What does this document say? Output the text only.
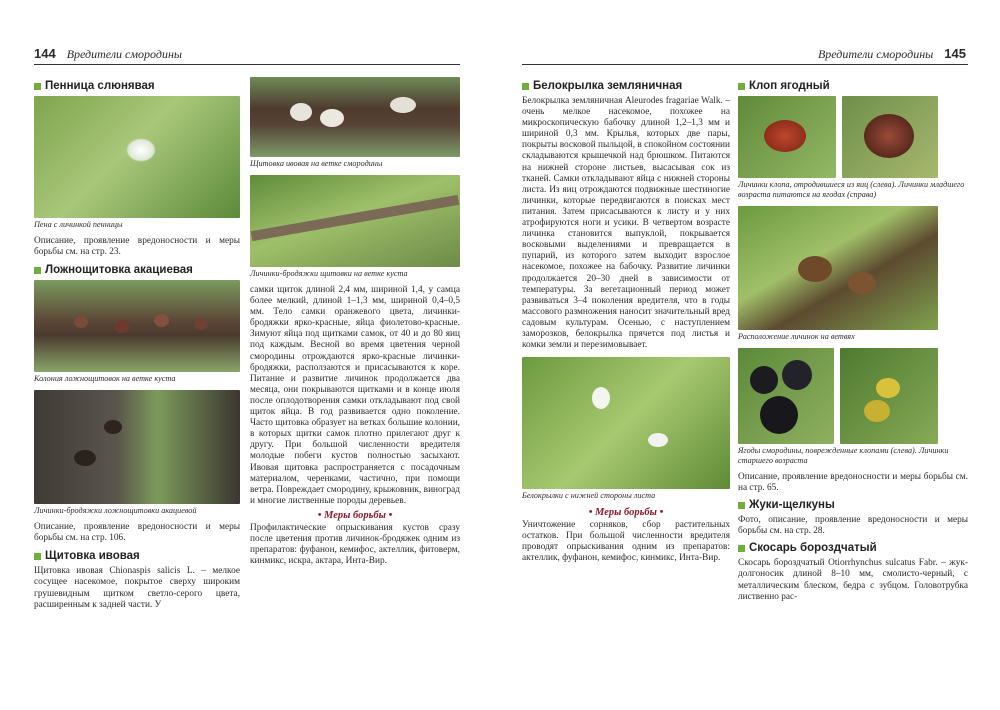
144 Вредители смородины
Пенница слюнявая

Пена с личинкой пенницы

Описание, проявление вредоносности и меры борьбы см. на стр. 23.

Ложнощитовка акациевая

Колония ложнощитовок на ветке куста

Личинки-бродяжки ложнощитовки акациевой

Описание, проявление вредоносности и меры борьбы см. на стр. 106.

Щитовка ивовая

Щитовка ивовая Chionaspis salicis L. – мелкое сосущее насекомое, покрытое сверху широким грушевидным щитком светло-серого цвета, расширенным к задней части. У

Щитовка ивовая на ветке смородины

Личинки-бродяжки щитовки на ветке куста

самки щиток длиной 2,4 мм, шириной 1,4, у самца более мелкий, длиной 1–1,3 мм, шириной 0,4–0,5 мм. Тело самки оранжевого цвета, личинки-бродяжки ярко-красные, яйца фиолетово-красные. Зимуют яйца под щитками самок, от 40 и до 80 яиц под каждым. Весной во время цветения черной смородины отрождаются ярко-красные личинки-бродяжки, расползаются и присасываются к коре. Питание и развитие личинок продолжается два месяца, они покрываются щитками и в конце июля после оплодотворения самки откладывают под свой щиток яйца. В год развивается одно поколение. Часто щитовка образует на ветках большие колонии, в которых щитки самок плотно прилегают друг к другу. При большой численности вредителя молодые побеги кустов полностью засыхают. Ивовая щитовка распространяется с посадочным материалом, черенками, частично, при помощи ветра. Повреждает смородину, крыжовник, виноград и многие лиственные породы деревьев.

• Меры борьбы •

Профилактические опрыскивания кустов сразу после цветения против личинок-бродяжек одним из препаратов: фуфанон, кемифос, актеллик, фитоверм, кинмикс, искра, актара, Инта-Вир.

Вредители смородины 145
Белокрылка земляничная

Белокрылка земляничная Aleurodes fragariae Walk. – очень мелкое насекомое, похожее на микроскопическую бабочку длиной 1,2–1,3 мм и шириной 0,3 мм. Крылья, которых две пары, покрыты восковой пыльцой, в спокойном состоянии складываются крышечкой над брюшком. Питаются на нижней стороне листьев, высасывая сок из тканей. Самки откладывают яйца с нижней стороны листа. Из яиц отрождаются подвижные шестиногие личинки, которые передвигаются в поисках мест питания. Затем присасываются к листу и у них атрофируются ноги и усики. В четвертом возрасте личинка становится выпуклой, покрывается восковыми выделениями и превращается в пупарий, из которого затем выходит взрослое насекомое, похожее на бабочку. Развитие личинки продолжается 20–30 дней в зависимости от температуры. За вегетационный период может развиваться 3–4 поколения вредителя, что в годы массового размножения наносит значительный вред садовым культурам. Осенью, с наступлением заморозков, белокрылка прячется под листья и комки земли и перезимовывает.

Белокрылки с нижней стороны листа

• Меры борьбы •

Уничтожение сорняков, сбор растительных остатков. При большой численности вредителя проводят опрыскивания одним из препаратов: актеллик, фуфанон, кемифос, кинмикс, Инта-Вир.

Клоп ягодный

Личинки клопа, отродившиеся из яиц (слева). Личинки младшего возраста питаются на ягодах (справа)

Расположение личинок на ветвях

Ягоды смородины, поврежденные клопами (слева). Личинки старшего возраста

Описание, проявление вредоносности и меры борьбы см. на стр. 65.

Жуки-щелкуны

Фото, описание, проявление вредоносности и меры борьбы см. на стр. 28.

Скосарь бороздчатый

Скосарь бороздчатый Otiorrhynchus sulcatus Fabr. – жук-долгоносик длиной 8–10 мм, смолисто-черный, с металлическим блеском, бедра с зубцом. Головотрубка лиственно рас-
